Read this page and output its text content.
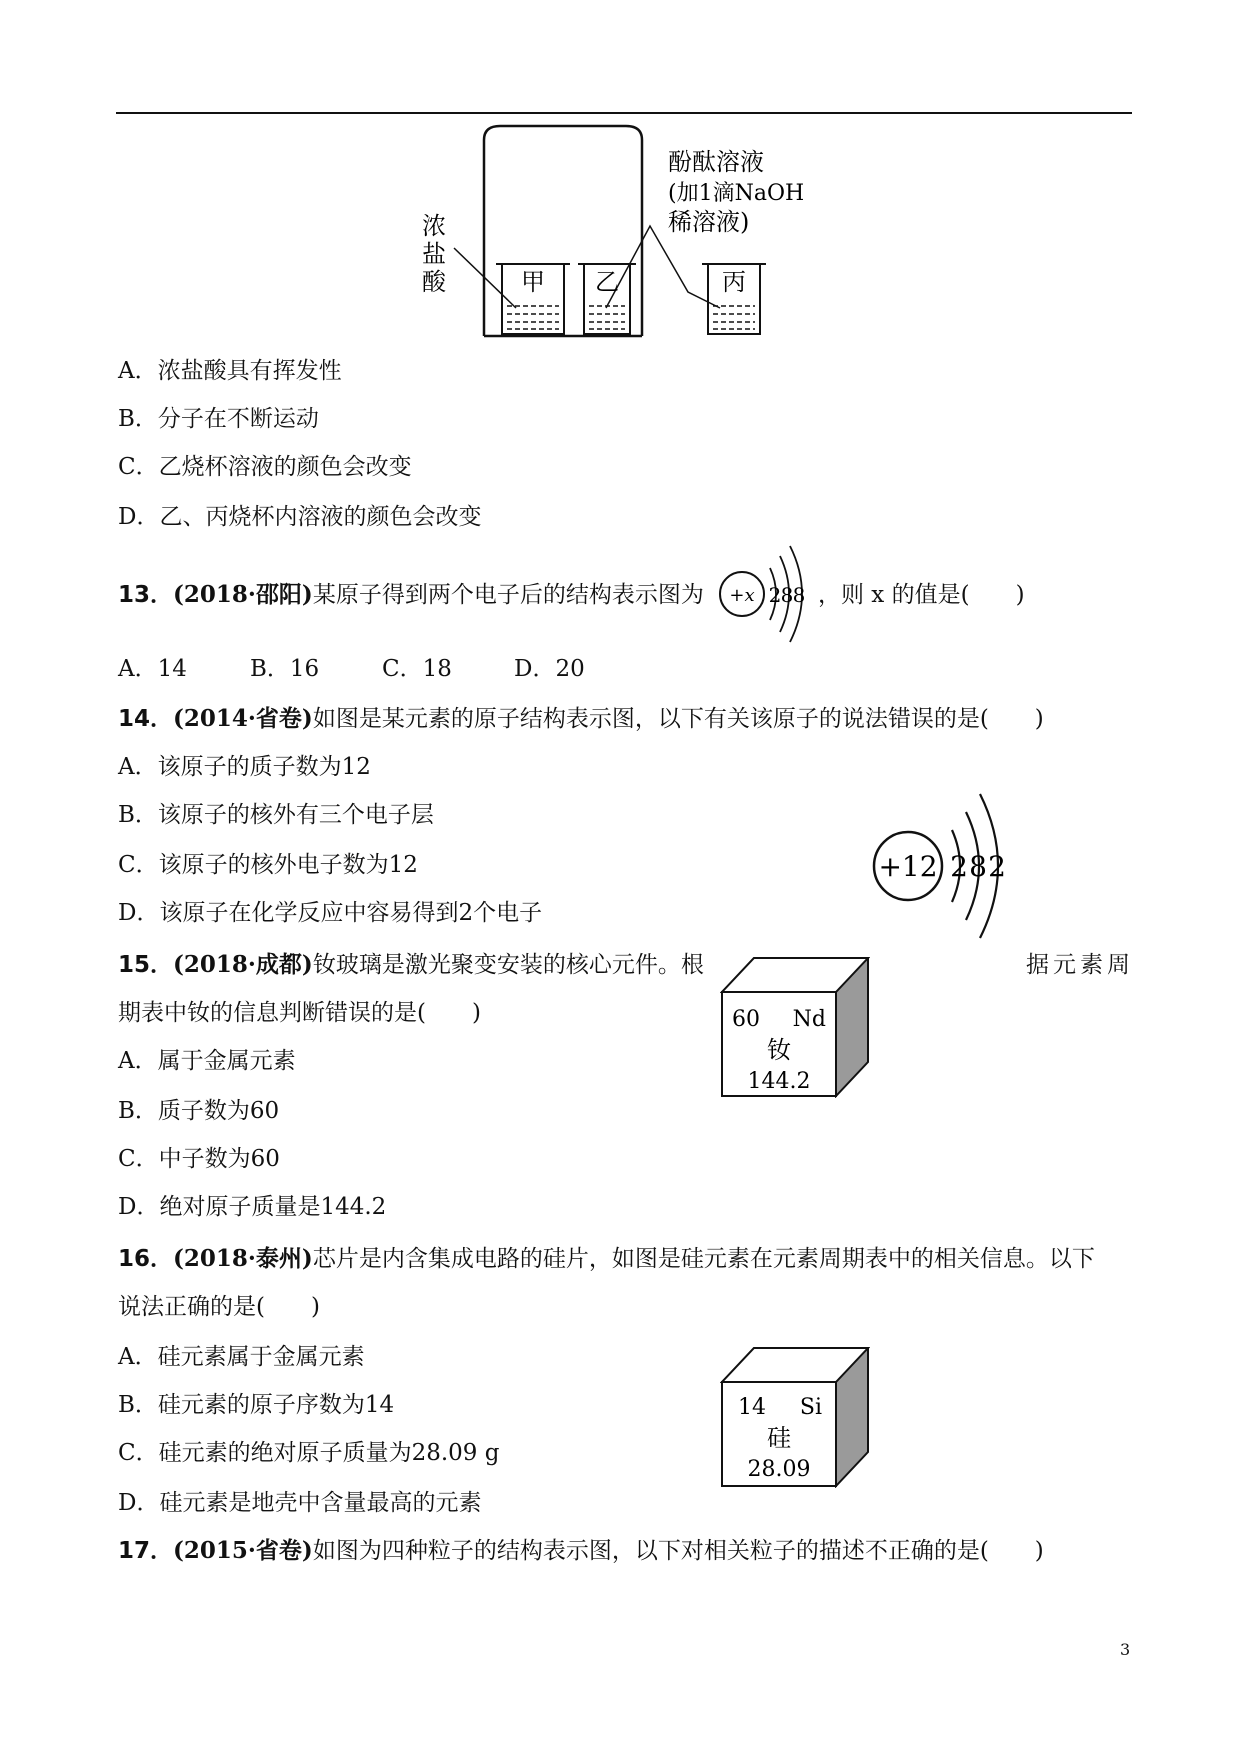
甲 乙	丙
浓
盐
酸
酚酞溶液
(加1滴NaOH
稀溶液)
A．浓盐酸具有挥发性
B．分子在不断运动
C．乙烧杯溶液的颜色会改变
D．乙、丙烧杯内溶液的颜色会改变
13．(2018·邵阳)某原子得到两个电子后的结构表示图为 +x 2 8 8 ，则 x 的值是(　　)
A．14	B．16	C．18	D．20
14．(2014·省卷)如图是某元素的原子结构表示图，以下有关该原子的说法错误的是(　　)
A．该原子的质子数为12
B．该原子的核外有三个电子层
C．该原子的核外电子数为12
D．该原子在化学反应中容易得到2个电子
+12 2 8 2
15．(2018·成都)钕玻璃是激光聚变安装的核心元件。根	据元素周
期表中钕的信息判断错误的是(　　)
A．属于金属元素
B．质子数为60
C．中子数为60
D．绝对原子质量是144.2
60 Nd
钕
144.2
16．(2018·泰州)芯片是内含集成电路的硅片，如图是硅元素在元素周期表中的相关信息。以下
说法正确的是(　　)
A．硅元素属于金属元素
B．硅元素的原子序数为14
C．硅元素的绝对原子质量为28.09 g
D．硅元素是地壳中含量最高的元素
14 Si
硅
28.09
17．(2015·省卷)如图为四种粒子的结构表示图，以下对相关粒子的描述不正确的是(　　)
3
